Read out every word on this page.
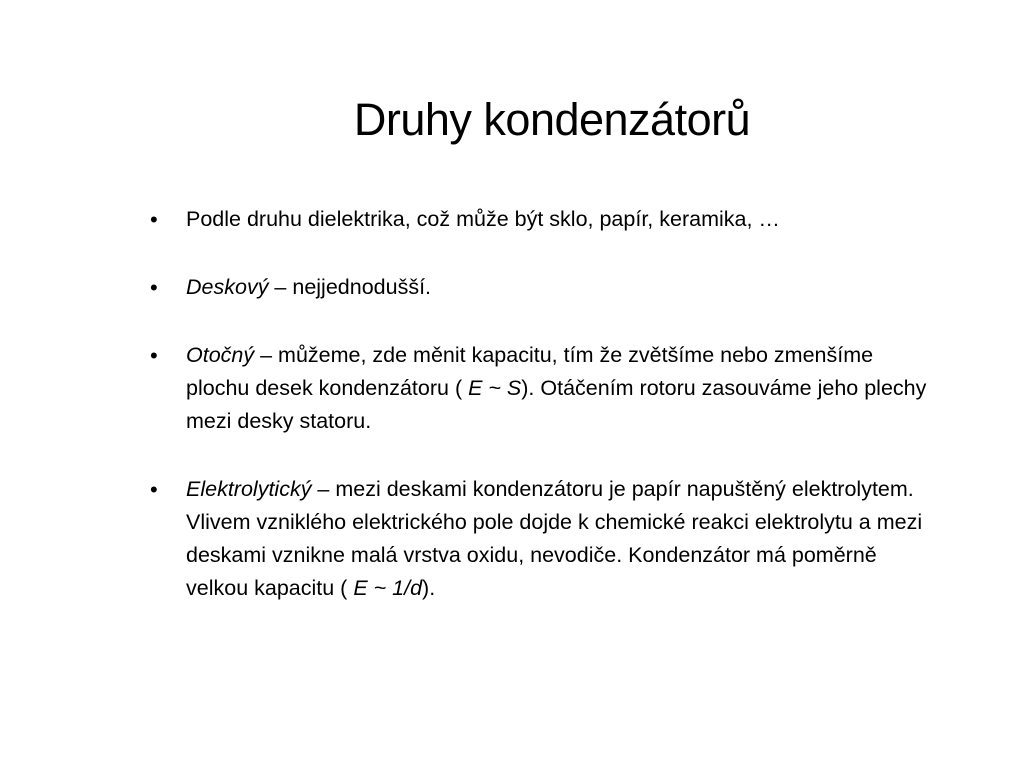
Druhy kondenzátorů
• Podle druhu dielektrika, což může být sklo, papír, keramika, …
• Deskový – nejjednodušší.
• Otočný – můžeme, zde měnit kapacitu, tím že zvětšíme nebo zmenšíme plochu desek kondenzátoru ( E ~ S). Otáčením rotoru zasouváme jeho plechy mezi desky statoru.
• Elektrolytický – mezi deskami kondenzátoru je papír napuštěný elektrolytem. Vlivem vzniklého elektrického pole dojde k chemické reakci elektrolytu a mezi deskami vznikne malá vrstva oxidu, nevodiče. Kondenzátor má poměrně velkou kapacitu ( E ~ 1/d).
